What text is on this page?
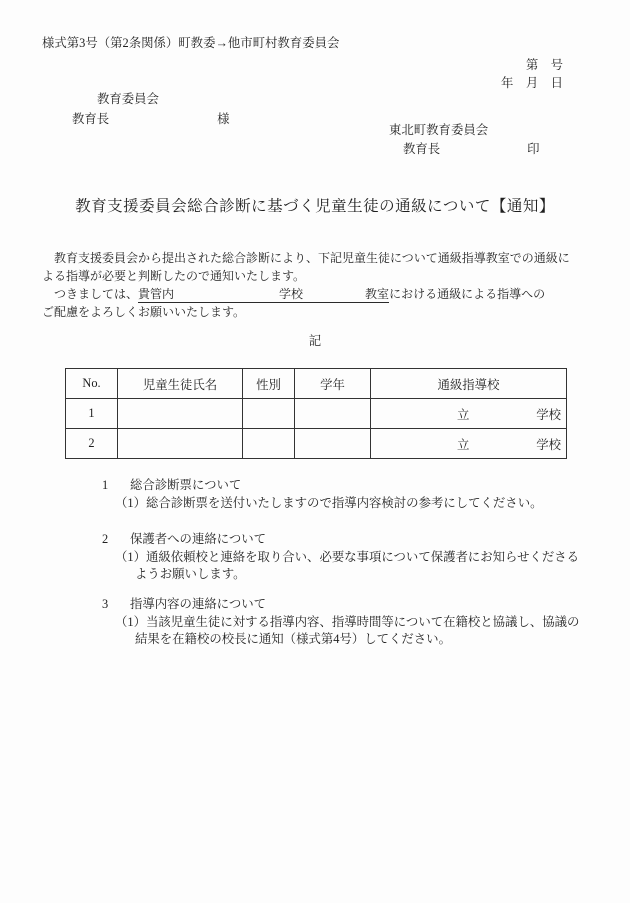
様式第3号（第2条関係）町教委→他市町村教育委員会
第　号
年　月　日
教育委員会
教育長	様
東北町教育委員会
教育長	印
教育支援委員会総合診断に基づく児童生徒の通級について【通知】
　教育支援委員会から提出された総合診断により、下記児童生徒について通級指導教室での通級に
よる指導が必要と判断したので通知いたします。
　つきましては、貴管内	学校	教室における通級による指導への
ご配慮をよろしくお願いいたします。
記
No.	児童生徒氏名	性別	学年	通級指導校
1				立 学校

2				立 学校
1 総合診断票について
（1）総合診断票を送付いたしますので指導内容検討の参考にしてください。
2 保護者への連絡について
（1）通級依頼校と連絡を取り合い、必要な事項について保護者にお知らせくださる
ようお願いします。
3 指導内容の連絡について
（1）当該児童生徒に対する指導内容、指導時間等について在籍校と協議し、協議の
結果を在籍校の校長に通知（様式第4号）してください。
